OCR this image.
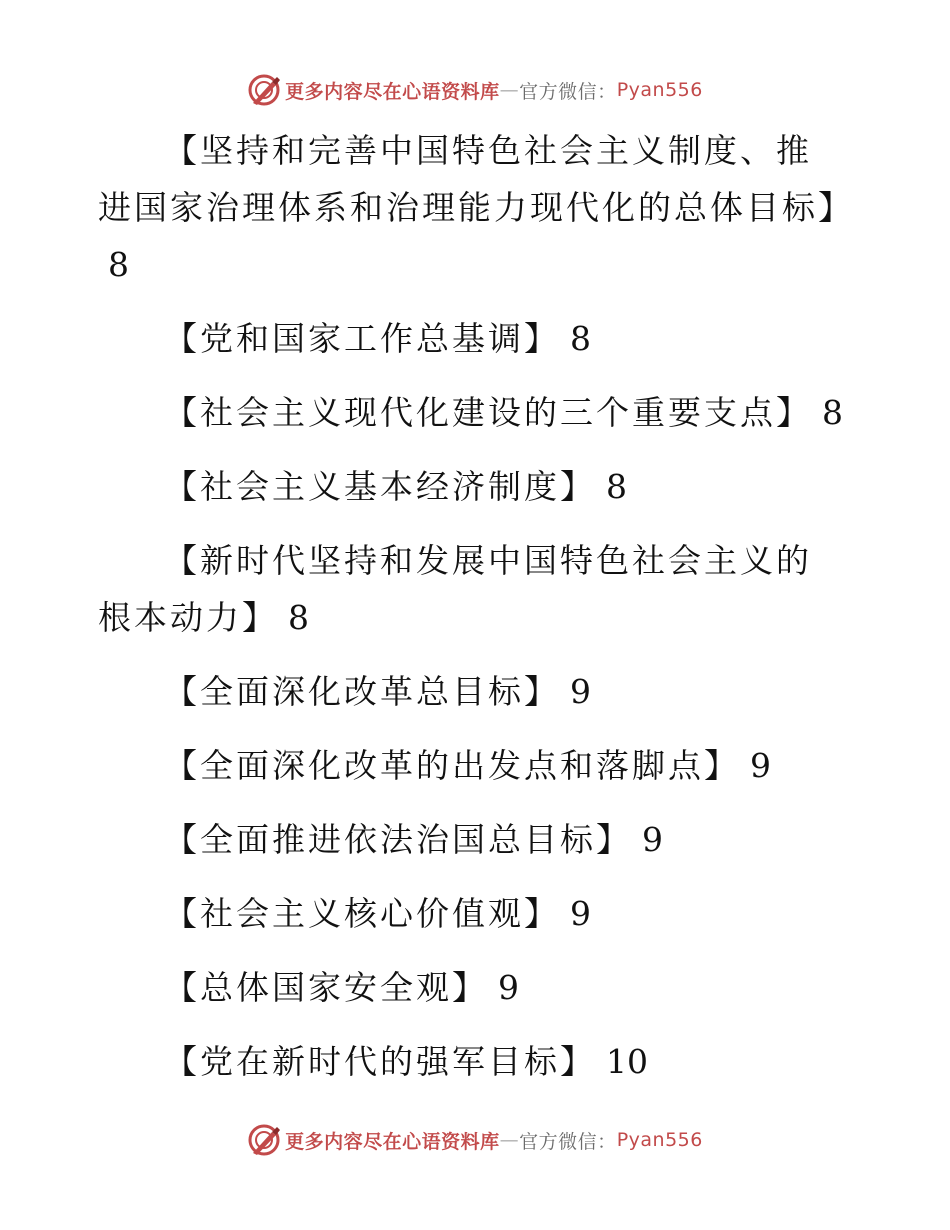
更多内容尽在心语资料库 — 官方微信： Pyan556

【坚持和完善中国特色社会主义制度、推进国家治理体系和治理能力现代化的总体目标】8

【党和国家工作总基调】 8

【社会主义现代化建设的三个重要支点】 8

【社会主义基本经济制度】 8

【新时代坚持和发展中国特色社会主义的根本动力】 8

【全面深化改革总目标】 9

【全面深化改革的出发点和落脚点】 9

【全面推进依法治国总目标】 9

【社会主义核心价值观】 9

【总体国家安全观】 9

【党在新时代的强军目标】 10

更多内容尽在心语资料库 — 官方微信： Pyan556
